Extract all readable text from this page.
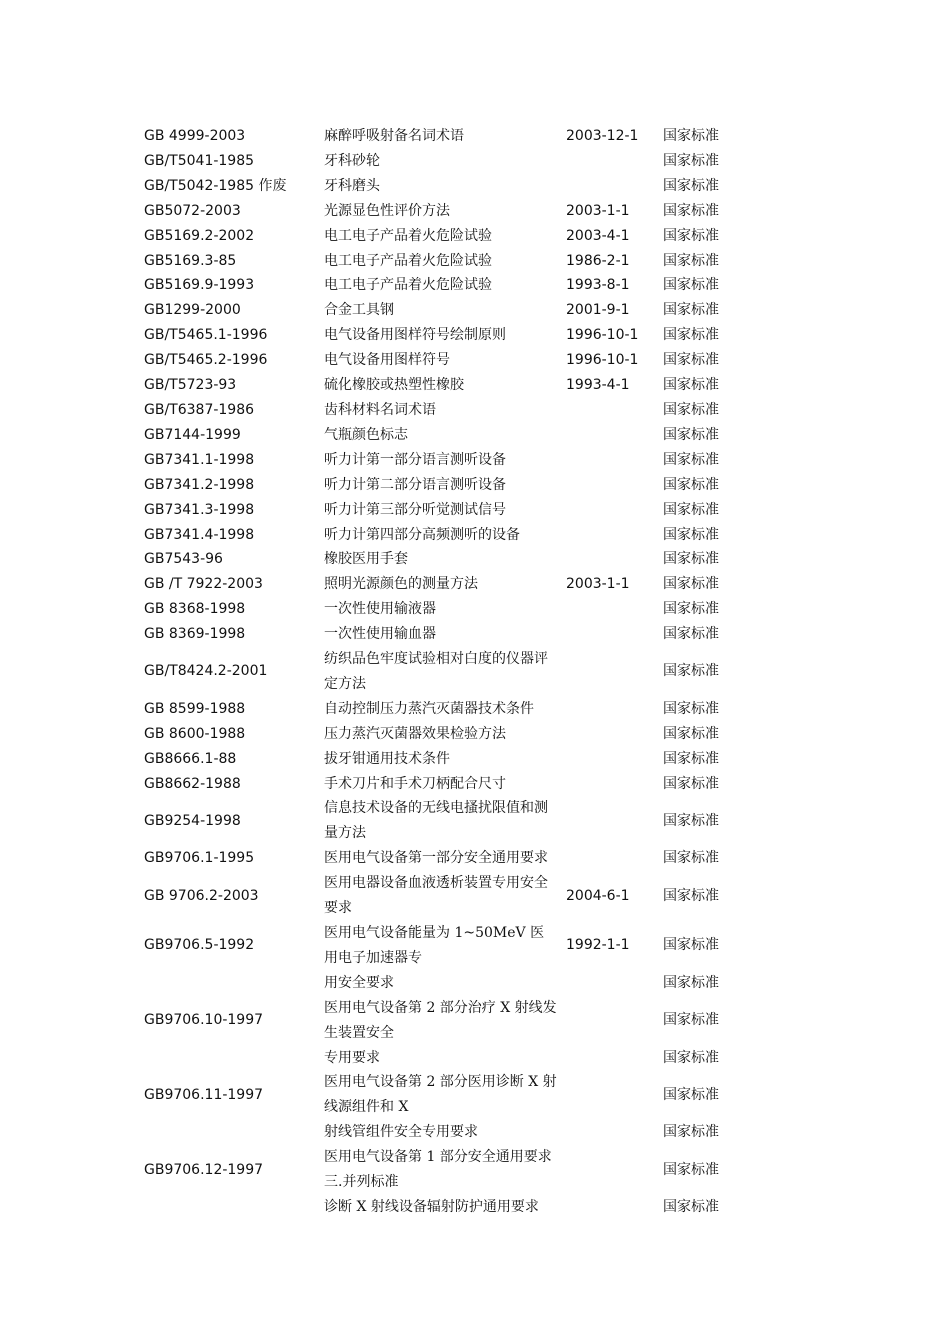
GB 4999-2003	麻醉呼吸射备名词术语	2003-12-1	国家标准
GB/T5041-1985	牙科砂轮		国家标准
GB/T5042-1985 作废	牙科磨头		国家标准
GB5072-2003	光源显色性评价方法	2003-1-1	国家标准
GB5169.2-2002	电工电子产品着火危险试验	2003-4-1	国家标准
GB5169.3-85	电工电子产品着火危险试验	1986-2-1	国家标准
GB5169.9-1993	电工电子产品着火危险试验	1993-8-1	国家标准
GB1299-2000	合金工具钢	2001-9-1	国家标准
GB/T5465.1-1996	电气设备用图样符号绘制原则	1996-10-1	国家标准
GB/T5465.2-1996	电气设备用图样符号	1996-10-1	国家标准
GB/T5723-93	硫化橡胶或热塑性橡胶	1993-4-1	国家标准
GB/T6387-1986	齿科材料名词术语		国家标准
GB7144-1999	气瓶颜色标志		国家标准
GB7341.1-1998	听力计第一部分语言测听设备		国家标准
GB7341.2-1998	听力计第二部分语言测听设备		国家标准
GB7341.3-1998	听力计第三部分听觉测试信号		国家标准
GB7341.4-1998	听力计第四部分高频测听的设备		国家标准
GB7543-96	橡胶医用手套		国家标准
GB /T 7922-2003	照明光源颜色的测量方法	2003-1-1	国家标准
GB 8368-1998	一次性使用输液器		国家标准
GB 8369-1998	一次性使用输血器		国家标准
GB/T8424.2-2001	纺织品色牢度试验相对白度的仪器评定方法		国家标准
GB 8599-1988	自动控制压力蒸汽灭菌器技术条件		国家标准
GB 8600-1988	压力蒸汽灭菌器效果检验方法		国家标准
GB8666.1-88	拔牙钳通用技术条件		国家标准
GB8662-1988	手术刀片和手术刀柄配合尺寸		国家标准
GB9254-1998	信息技术设备的无线电搔扰限值和测量方法		国家标准
GB9706.1-1995	医用电气设备第一部分安全通用要求		国家标准
GB 9706.2-2003	医用电器设备血液透析装置专用安全要求	2004-6-1	国家标准
GB9706.5-1992	医用电气设备能量为 1~50MeV 医用电子加速器专	1992-1-1	国家标准
	用安全要求		国家标准
GB9706.10-1997	医用电气设备第 2 部分治疗 X 射线发生装置安全		国家标准
	专用要求		国家标准
GB9706.11-1997	医用电气设备第 2 部分医用诊断 X 射线源组件和 X		国家标准
	射线管组件安全专用要求		国家标准
GB9706.12-1997	医用电气设备第 1 部分安全通用要求三.并列标准		国家标准
	诊断 X 射线设备辐射防护通用要求		国家标准
